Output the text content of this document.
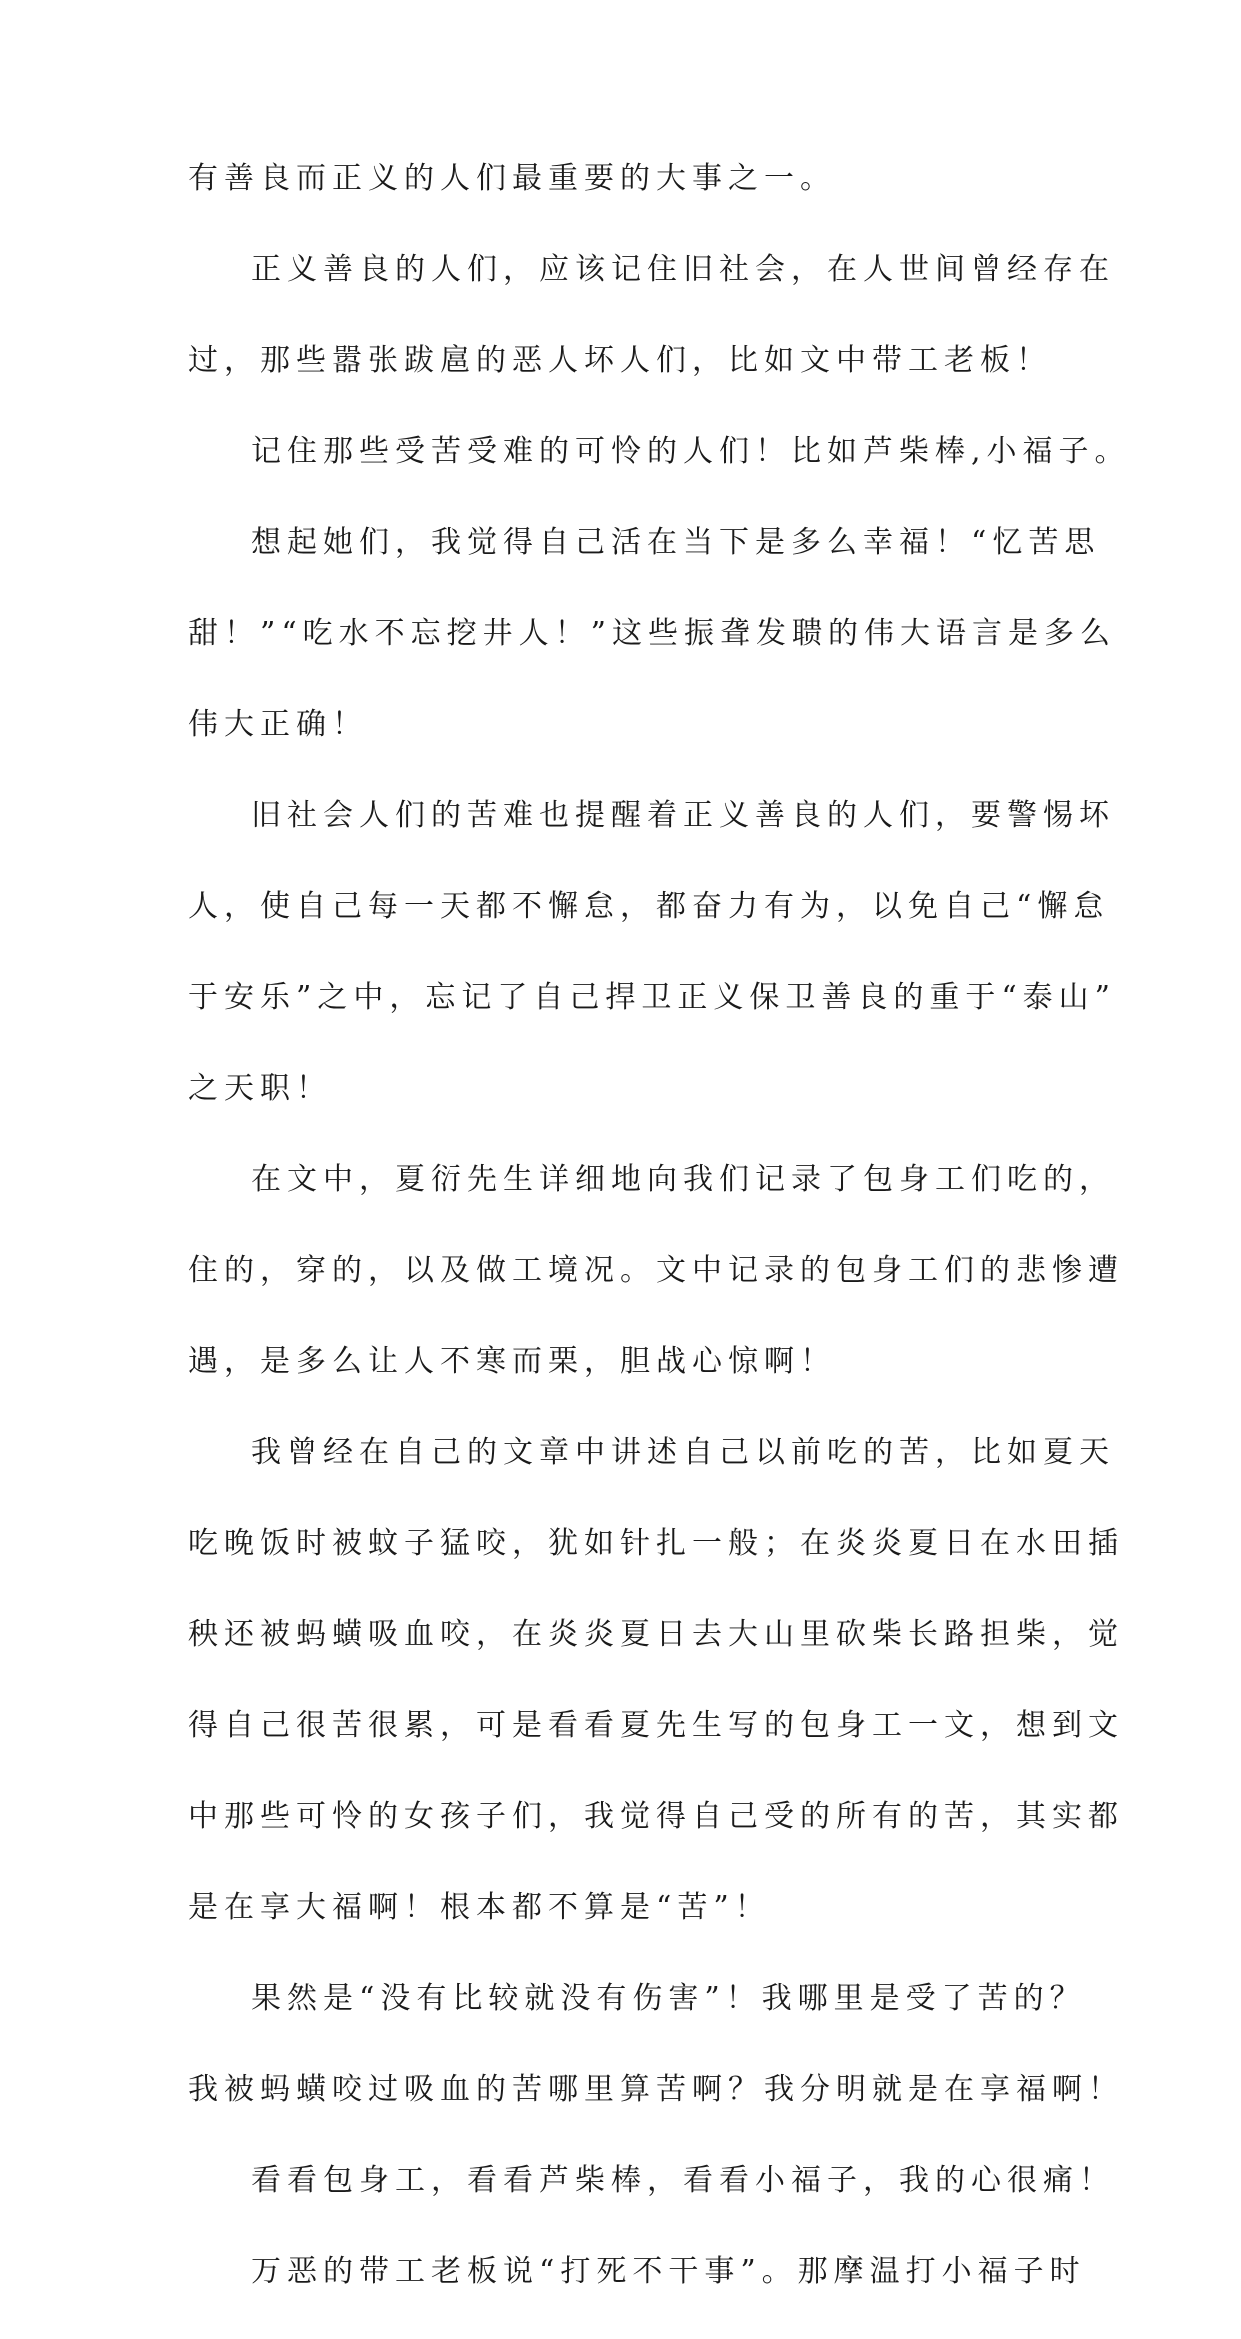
有善良而正义的人们最重要的大事之一。
正义善良的人们，应该记住旧社会，在人世间曾经存在
过，那些嚣张跋扈的恶人坏人们，比如文中带工老板！
记住那些受苦受难的可怜的人们！比如芦柴棒,小福子。
想起她们，我觉得自己活在当下是多么幸福！“忆苦思
甜！”“吃水不忘挖井人！”这些振聋发聩的伟大语言是多么
伟大正确！
旧社会人们的苦难也提醒着正义善良的人们，要警惕坏
人，使自己每一天都不懈怠，都奋力有为，以免自己“懈怠
于安乐”之中，忘记了自己捍卫正义保卫善良的重于“泰山”
之天职！
在文中，夏衍先生详细地向我们记录了包身工们吃的，
住的，穿的，以及做工境况。文中记录的包身工们的悲惨遭
遇，是多么让人不寒而栗，胆战心惊啊！
我曾经在自己的文章中讲述自己以前吃的苦，比如夏天
吃晚饭时被蚊子猛咬，犹如针扎一般；在炎炎夏日在水田插
秧还被蚂蟥吸血咬，在炎炎夏日去大山里砍柴长路担柴，觉
得自己很苦很累，可是看看夏先生写的包身工一文，想到文
中那些可怜的女孩子们，我觉得自己受的所有的苦，其实都
是在享大福啊！根本都不算是“苦”！
果然是“没有比较就没有伤害”！我哪里是受了苦的？
我被蚂蟥咬过吸血的苦哪里算苦啊？我分明就是在享福啊！
看看包身工，看看芦柴棒，看看小福子，我的心很痛！
万恶的带工老板说“打死不干事”。那摩温打小福子时
